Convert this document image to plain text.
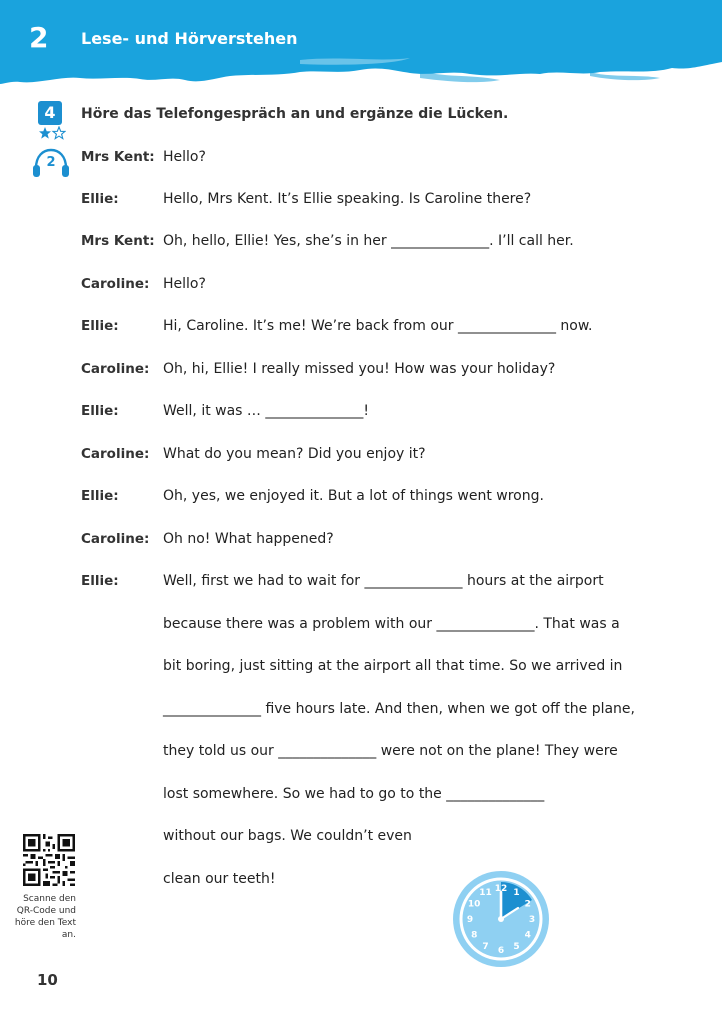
2 Lese- und Hörverstehen
4
2
Höre das Telefongespräch an und ergänze die Lücken.
Mrs Kent: Hello?
Ellie:	Hello, Mrs Kent. It’s Ellie speaking. Is Caroline there?
Mrs Kent: Oh, hello, Ellie! Yes, she’s in her ______________. I’ll call her.
Caroline: Hello?
Ellie:	Hi, Caroline. It’s me! We’re back from our ______________ now.
Caroline: Oh, hi, Ellie! I really missed you! How was your holiday?
Ellie:	Well, it was … ______________!
Caroline: What do you mean? Did you enjoy it?
Ellie:	Oh, yes, we enjoyed it. But a lot of things went wrong.
Caroline: Oh no! What happened?
Ellie:	Well, first we had to wait for ______________ hours at the airport
because there was a problem with our ______________. That was a
bit boring, just sitting at the airport all that time. So we arrived in
______________ five hours late. And then, when we got off the plane,
they told us our ______________ were not on the plane! They were
lost somewhere. So we had to go to the ______________
without our bags. We couldn’t even
clean our teeth!
Scanne den QR-Code und höre den Text an.
12 1
2
3
4
5
6
7
8
9
10
11
10
